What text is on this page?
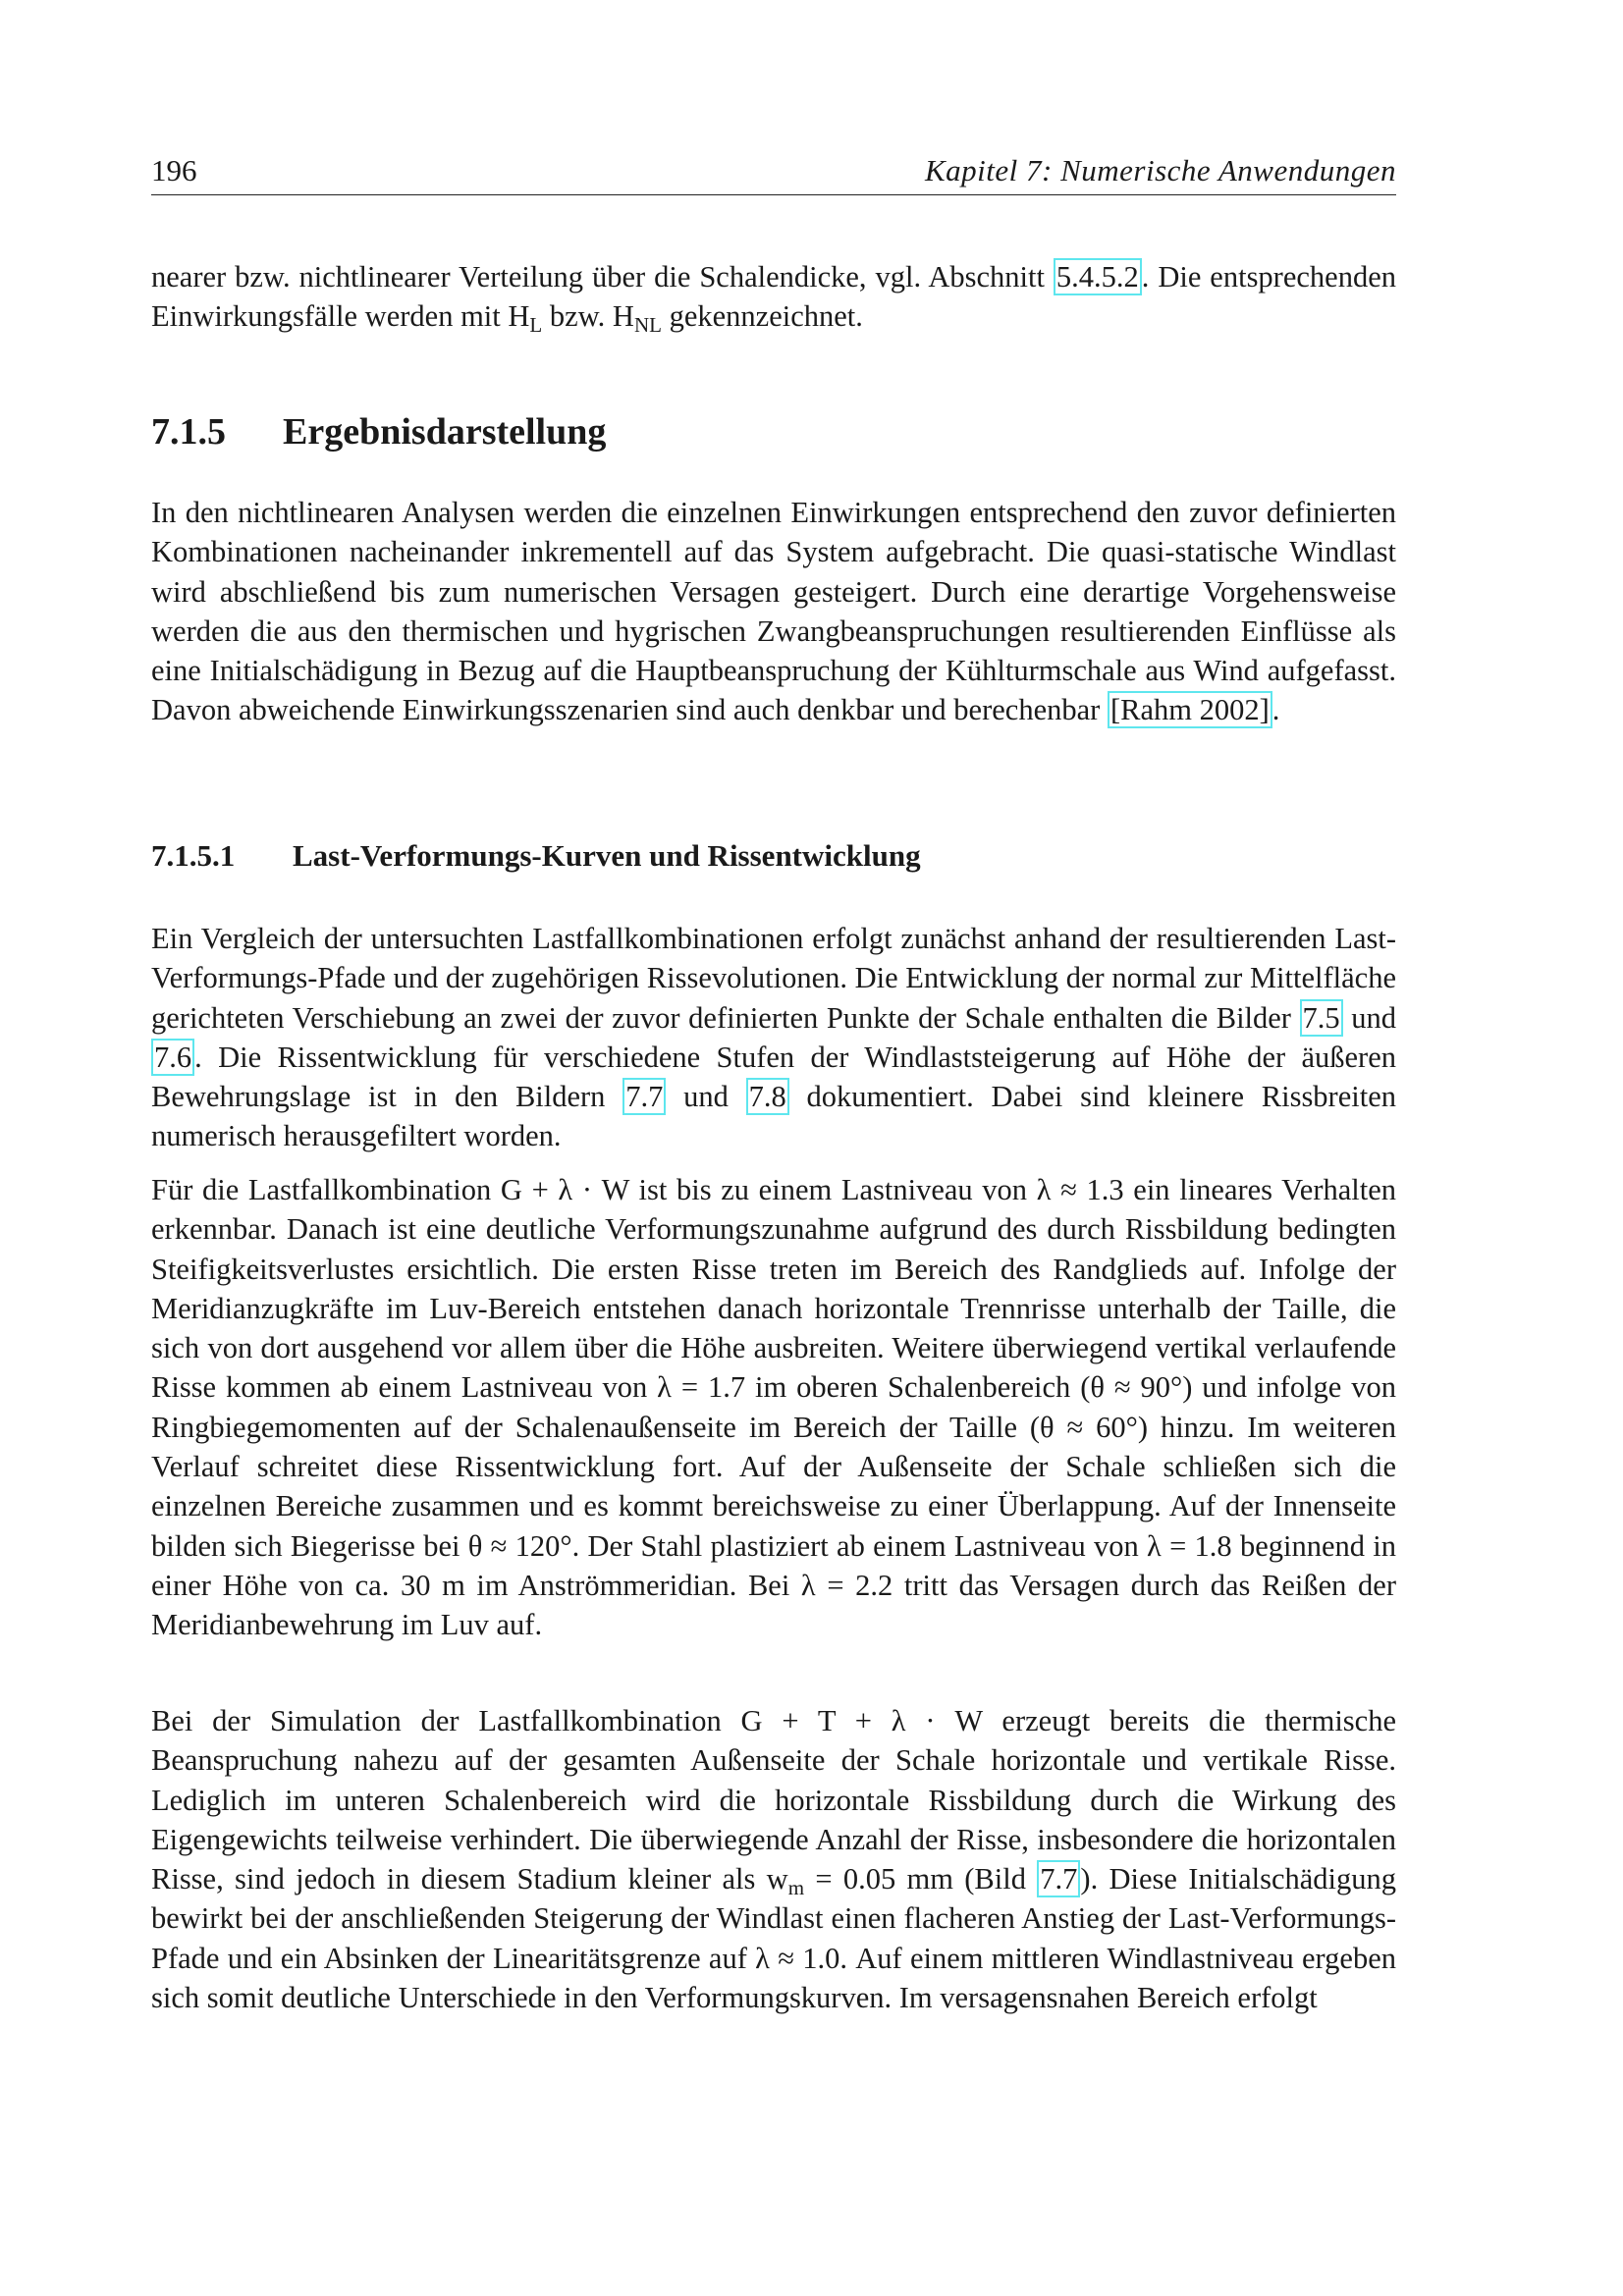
196	Kapitel 7: Numerische Anwendungen

nearer bzw. nichtlinearer Verteilung über die Schalendicke, vgl. Abschnitt 5.4.5.2. Die entsprechenden Einwirkungsfälle werden mit $H_L$ bzw. $H_{NL}$ gekennzeichnet.

7.1.5 Ergebnisdarstellung

In den nichtlinearen Analysen werden die einzelnen Einwirkungen entsprechend den zuvor definierten Kombinationen nacheinander inkrementell auf das System aufgebracht. Die quasi-statische Windlast wird abschließend bis zum numerischen Versagen gesteigert. Durch eine derartige Vorgehensweise werden die aus den thermischen und hygrischen Zwangbeanspruchungen resultierenden Einflüsse als eine Initialschädigung in Bezug auf die Hauptbeanspruchung der Kühlturmschale aus Wind aufgefasst. Davon abweichende Einwirkungsszenarien sind auch denkbar und berechenbar [Rahm 2002].

7.1.5.1 Last-Verformungs-Kurven und Rissentwicklung

Ein Vergleich der untersuchten Lastfallkombinationen erfolgt zunächst anhand der resultierenden Last-Verformungs-Pfade und der zugehörigen Rissevolutionen. Die Entwicklung der normal zur Mittelfläche gerichteten Verschiebung an zwei der zuvor definierten Punkte der Schale enthalten die Bilder 7.5 und 7.6. Die Rissentwicklung für verschiedene Stufen der Windlaststeigerung auf Höhe der äußeren Bewehrungslage ist in den Bildern 7.7 und 7.8 dokumentiert. Dabei sind kleinere Rissbreiten numerisch herausgefiltert worden.

Für die Lastfallkombination G + λ · W ist bis zu einem Lastniveau von λ ≈ 1.3 ein lineares Verhalten erkennbar. Danach ist eine deutliche Verformungszunahme aufgrund des durch Rissbildung bedingten Steifigkeitsverlustes ersichtlich. Die ersten Risse treten im Bereich des Randglieds auf. Infolge der Meridianzugkräfte im Luv-Bereich entstehen danach horizontale Trennrisse unterhalb der Taille, die sich von dort ausgehend vor allem über die Höhe ausbreiten. Weitere überwiegend vertikal verlaufende Risse kommen ab einem Lastniveau von λ = 1.7 im oberen Schalenbereich (θ ≈ 90°) und infolge von Ringbiegemomenten auf der Schalenaußenseite im Bereich der Taille (θ ≈ 60°) hinzu. Im weiteren Verlauf schreitet diese Rissentwicklung fort. Auf der Außenseite der Schale schließen sich die einzelnen Bereiche zusammen und es kommt bereichsweise zu einer Überlappung. Auf der Innenseite bilden sich Biegerisse bei θ ≈ 120°. Der Stahl plastiziert ab einem Lastniveau von λ = 1.8 beginnend in einer Höhe von ca. 30 m im Anströmmeridian. Bei λ = 2.2 tritt das Versagen durch das Reißen der Meridianbewehrung im Luv auf.

Bei der Simulation der Lastfallkombination G + T + λ · W erzeugt bereits die thermische Beanspruchung nahezu auf der gesamten Außenseite der Schale horizontale und vertikale Risse. Lediglich im unteren Schalenbereich wird die horizontale Rissbildung durch die Wirkung des Eigengewichts teilweise verhindert. Die überwiegende Anzahl der Risse, insbesondere die horizontalen Risse, sind jedoch in diesem Stadium kleiner als $w_m = 0.05$ mm (Bild 7.7). Diese Initialschädigung bewirkt bei der anschließenden Steigerung der Windlast einen flacheren Anstieg der Last-Verformungs-Pfade und ein Absinken der Linearitätsgrenze auf λ ≈ 1.0. Auf einem mittleren Windlastniveau ergeben sich somit deutliche Unterschiede in den Verformungskurven. Im versagensnahen Bereich erfolgt
